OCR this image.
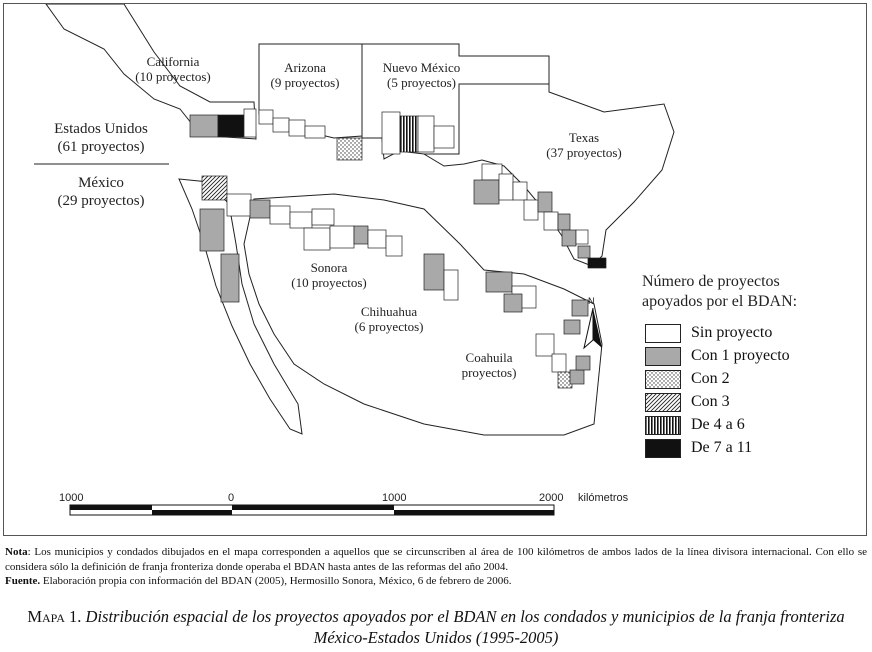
California
(10 proyectos)
Arizona
(9 proyectos)
Nuevo México
(5 proyectos)
Texas
(37 proyectos)
Sonora
(10 proyectos)
Chihuahua
(6 proyectos)
Coahuila
proyectos)
Estados Unidos
(61 proyectos)
México
(29 proyectos)
N
Número de proyectos
apoyados por el BDAN:
Sin proyecto
Con 1 proyecto
Con 2
Con 3
De 4 a 6
De 7 a 11
1000	0	1000	2000 kilómetros
Nota: Los municipios y condados dibujados en el mapa corresponden a aquellos que se circunscriben al área de 100 kilómetros de ambos lados de la línea divisora internacional. Con ello se considera sólo la definición de franja fronteriza donde operaba el BDAN hasta antes de las reformas del año 2004.
Fuente. Elaboración propia con información del BDAN (2005), Hermosillo Sonora, México, 6 de febrero de 2006.
Mapa 1. Distribución espacial de los proyectos apoyados por el BDAN en los condados y municipios de la franja fronteriza
México-Estados Unidos (1995-2005)
